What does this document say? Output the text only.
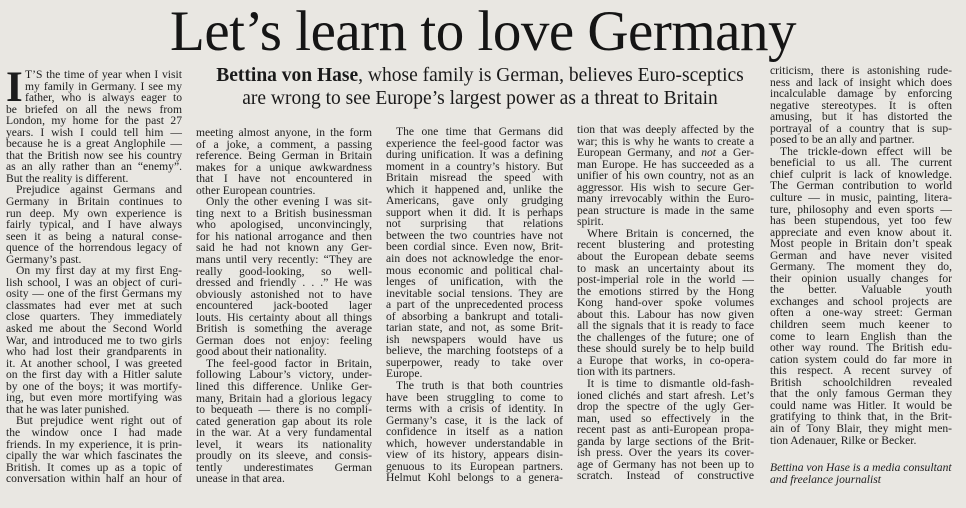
Let’s learn to love Germany
Bettina von Hase, whose family is German, believes Euro-sceptics
are wrong to see Europe’s largest power as a threat to Britain
I T’S the time of year when I visit
my family in Germany. I see my
father, who is always eager to
be briefed on all the news from
London, my home for the past 27
years. I wish I could tell him —
because he is a great Anglophile —
that the British now see his country
as an ally rather than an “enemy”.
But the reality is different.
Prejudice against Germans and
Germany in Britain continues to
run deep. My own experience is
fairly typical, and I have always
seen it as being a natural conse-
quence of the horrendous legacy of
Germany’s past.
On my first day at my first Eng-
lish school, I was an object of curi-
osity — one of the first Germans my
classmates had ever met at such
close quarters. They immediately
asked me about the Second World
War, and introduced me to two girls
who had lost their grandparents in
it. At another school, I was greeted
on the first day with a Hitler salute
by one of the boys; it was mortify-
ing, but even more mortifying was
that he was later punished.
But prejudice went right out of
the window once I had made
friends. In my experience, it is prin-
cipally the war which fascinates the
British. It comes up as a topic of
conversation within half an hour of
meeting almost anyone, in the form
of a joke, a comment, a passing
reference. Being German in Britain
makes for a unique awkwardness
that I have not encountered in
other European countries.
Only the other evening I was sit-
ting next to a British businessman
who apologised, unconvincingly,
for his national arrogance and then
said he had not known any Ger-
mans until very recently: “They are
really good-looking, so well-
dressed and friendly . . .” He was
obviously astonished not to have
encountered jack-booted lager
louts. His certainty about all things
British is something the average
German does not enjoy: feeling
good about their nationality.
The feel-good factor in Britain,
following Labour’s victory, under-
lined this difference. Unlike Ger-
many, Britain had a glorious legacy
to bequeath — there is no compli-
cated generation gap about its role
in the war. At a very fundamental
level, it wears its nationality
proudly on its sleeve, and consis-
tently underestimates German
unease in that area.
The one time that Germans did
experience the feel-good factor was
during unification. It was a defining
moment in a country’s history. But
Britain misread the speed with
which it happened and, unlike the
Americans, gave only grudging
support when it did. It is perhaps
not surprising that relations
between the two countries have not
been cordial since. Even now, Brit-
ain does not acknowledge the enor-
mous economic and political chal-
lenges of unification, with the
inevitable social tensions. They are
a part of the unprecedented process
of absorbing a bankrupt and totali-
tarian state, and not, as some Brit-
ish newspapers would have us
believe, the marching footsteps of a
superpower, ready to take over
Europe.
The truth is that both countries
have been struggling to come to
terms with a crisis of identity. In
Germany’s case, it is the lack of
confidence in itself as a nation
which, however understandable in
view of its history, appears disin-
genuous to its European partners.
Helmut Kohl belongs to a genera-
tion that was deeply affected by the
war; this is why he wants to create a
European Germany, and not a Ger-
man Europe. He has succeeded as a
unifier of his own country, not as an
aggressor. His wish to secure Ger-
many irrevocably within the Euro-
pean structure is made in the same
spirit.
Where Britain is concerned, the
recent blustering and protesting
about the European debate seems
to mask an uncertainty about its
post-imperial role in the world —
the emotions stirred by the Hong
Kong hand-over spoke volumes
about this. Labour has now given
all the signals that it is ready to face
the challenges of the future; one of
these should surely be to help build
a Europe that works, in co-opera-
tion with its partners.
It is time to dismantle old-fash-
ioned clichés and start afresh. Let’s
drop the spectre of the ugly Ger-
man, used so effectively in the
recent past as anti-European propa-
ganda by large sections of the Brit-
ish press. Over the years its cover-
age of Germany has not been up to
scratch. Instead of constructive
criticism, there is astonishing rude-
ness and lack of insight which does
incalculable damage by enforcing
negative stereotypes. It is often
amusing, but it has distorted the
portrayal of a country that is sup-
posed to be an ally and partner.
The trickle-down effect will be
beneficial to us all. The current
chief culprit is lack of knowledge.
The German contribution to world
culture — in music, painting, litera-
ture, philosophy and even sports —
has been stupendous, yet too few
appreciate and even know about it.
Most people in Britain don’t speak
German and have never visited
Germany. The moment they do,
their opinion usually changes for
the better. Valuable youth
exchanges and school projects are
often a one-way street: German
children seem much keener to
come to learn English than the
other way round. The British edu-
cation system could do far more in
this respect. A recent survey of
British schoolchildren revealed
that the only famous German they
could name was Hitler. It would be
gratifying to think that, in the Brit-
ain of Tony Blair, they might men-
tion Adenauer, Rilke or Becker.
Bettina von Hase is a media consultant and freelance journalist
